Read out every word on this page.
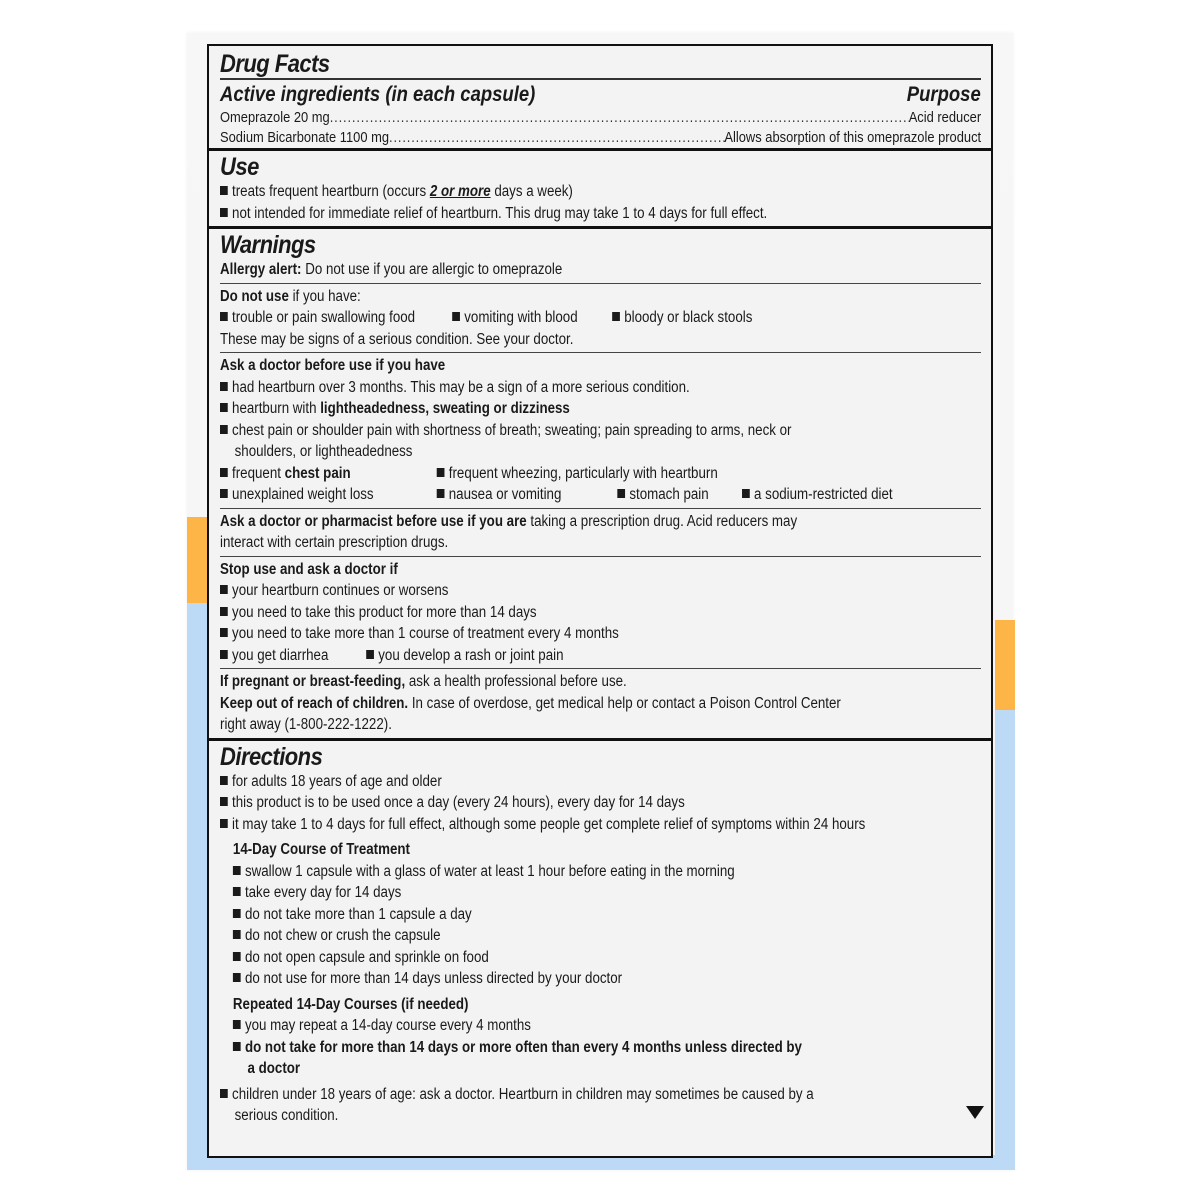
Drug Facts
Active ingredients (in each capsule)	Purpose
Omeprazole 20 mg .....	Acid reducer
Sodium Bicarbonate 1100 mg .....	Allows absorption of this omeprazole product
Use
treats frequent heartburn (occurs 2 or more days a week)
not intended for immediate relief of heartburn. This drug may take 1 to 4 days for full effect.
Warnings
Allergy alert: Do not use if you are allergic to omeprazole
Do not use if you have:
trouble or pain swallowing food	vomiting with blood	bloody or black stools
These may be signs of a serious condition. See your doctor.
Ask a doctor before use if you have
had heartburn over 3 months. This may be a sign of a more serious condition.
heartburn with lightheadedness, sweating or dizziness
chest pain or shoulder pain with shortness of breath; sweating; pain spreading to arms, neck or
shoulders, or lightheadedness
frequent chest pain	frequent wheezing, particularly with heartburn
unexplained weight loss	nausea or vomiting	stomach pain	a sodium-restricted diet
Ask a doctor or pharmacist before use if you are taking a prescription drug. Acid reducers may
interact with certain prescription drugs.
Stop use and ask a doctor if
your heartburn continues or worsens
you need to take this product for more than 14 days
you need to take more than 1 course of treatment every 4 months
you get diarrhea	you develop a rash or joint pain
If pregnant or breast-feeding, ask a health professional before use.
Keep out of reach of children. In case of overdose, get medical help or contact a Poison Control Center
right away (1-800-222-1222).
Directions
for adults 18 years of age and older
this product is to be used once a day (every 24 hours), every day for 14 days
it may take 1 to 4 days for full effect, although some people get complete relief of symptoms within 24 hours
14-Day Course of Treatment
swallow 1 capsule with a glass of water at least 1 hour before eating in the morning
take every day for 14 days
do not take more than 1 capsule a day
do not chew or crush the capsule
do not open capsule and sprinkle on food
do not use for more than 14 days unless directed by your doctor
Repeated 14-Day Courses (if needed)
you may repeat a 14-day course every 4 months
do not take for more than 14 days or more often than every 4 months unless directed by
a doctor
children under 18 years of age: ask a doctor. Heartburn in children may sometimes be caused by a
serious condition.
